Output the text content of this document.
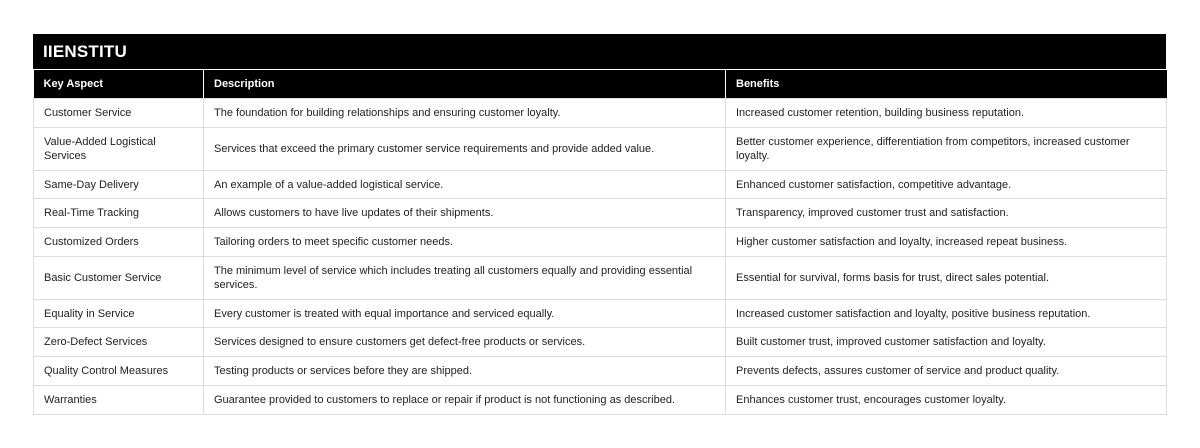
IIENSTITU
Key Aspect	Description	Benefits
Customer Service	The foundation for building relationships and ensuring customer loyalty.	Increased customer retention, building business reputation.
Value-Added Logistical Services	Services that exceed the primary customer service requirements and provide added value.	Better customer experience, differentiation from competitors, increased customer loyalty.
Same-Day Delivery	An example of a value-added logistical service.	Enhanced customer satisfaction, competitive advantage.
Real-Time Tracking	Allows customers to have live updates of their shipments.	Transparency, improved customer trust and satisfaction.
Customized Orders	Tailoring orders to meet specific customer needs.	Higher customer satisfaction and loyalty, increased repeat business.
Basic Customer Service	The minimum level of service which includes treating all customers equally and providing essential services.	Essential for survival, forms basis for trust, direct sales potential.
Equality in Service	Every customer is treated with equal importance and serviced equally.	Increased customer satisfaction and loyalty, positive business reputation.
Zero-Defect Services	Services designed to ensure customers get defect-free products or services.	Built customer trust, improved customer satisfaction and loyalty.
Quality Control Measures	Testing products or services before they are shipped.	Prevents defects, assures customer of service and product quality.
Warranties	Guarantee provided to customers to replace or repair if product is not functioning as described.	Enhances customer trust, encourages customer loyalty.
